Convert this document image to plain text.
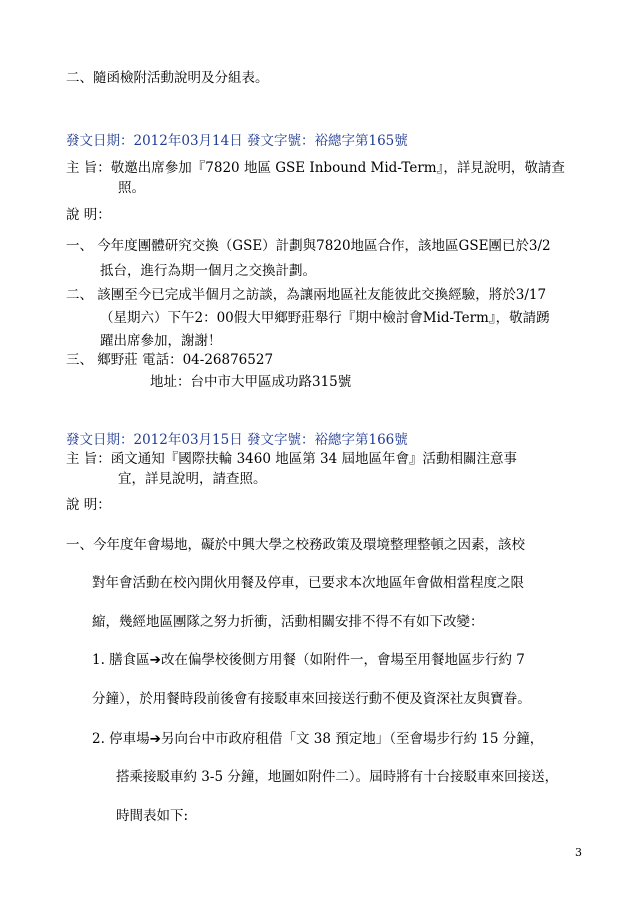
二、隨函檢附活動說明及分組表。
發文日期：2012年03月14日 發文字號：裕總字第165號
主 旨：敬邀出席參加『7820 地區 GSE Inbound Mid-Term』，詳見說明，敬請查
照。
說 明：
一、 今年度團體研究交換（GSE）計劃與7820地區合作，該地區GSE團已於3/2
抵台，進行為期一個月之交換計劃。
二、 該團至今已完成半個月之訪談，為讓兩地區社友能彼此交換經驗，將於3/17
（星期六）下午2：00假大甲鄉野莊舉行『期中檢討會Mid-Term』，敬請踴
躍出席參加，謝謝！
三、 鄉野莊 電話：04-26876527
地址：台中市大甲區成功路315號
發文日期：2012年03月15日 發文字號：裕總字第166號
主 旨：函文通知『國際扶輪 3460 地區第 34 屆地區年會』活動相關注意事
宜，詳見說明，請查照。
說 明：
一、今年度年會場地，礙於中興大學之校務政策及環境整理整頓之因素，該校
對年會活動在校內開伙用餐及停車，已要求本次地區年會做相當程度之限
縮，幾經地區團隊之努力折衝，活動相關安排不得不有如下改變：
1. 膳食區➔改在偏學校後側方用餐（如附件一，會場至用餐地區步行約 7
分鐘），於用餐時段前後會有接駁車來回接送行動不便及資深社友與寶眷。
2. 停車場➔另向台中市政府租借「文 38 預定地」（至會場步行約 15 分鐘，
搭乘接駁車約 3-5 分鐘，地圖如附件二）。屆時將有十台接駁車來回接送，
時間表如下:
3
